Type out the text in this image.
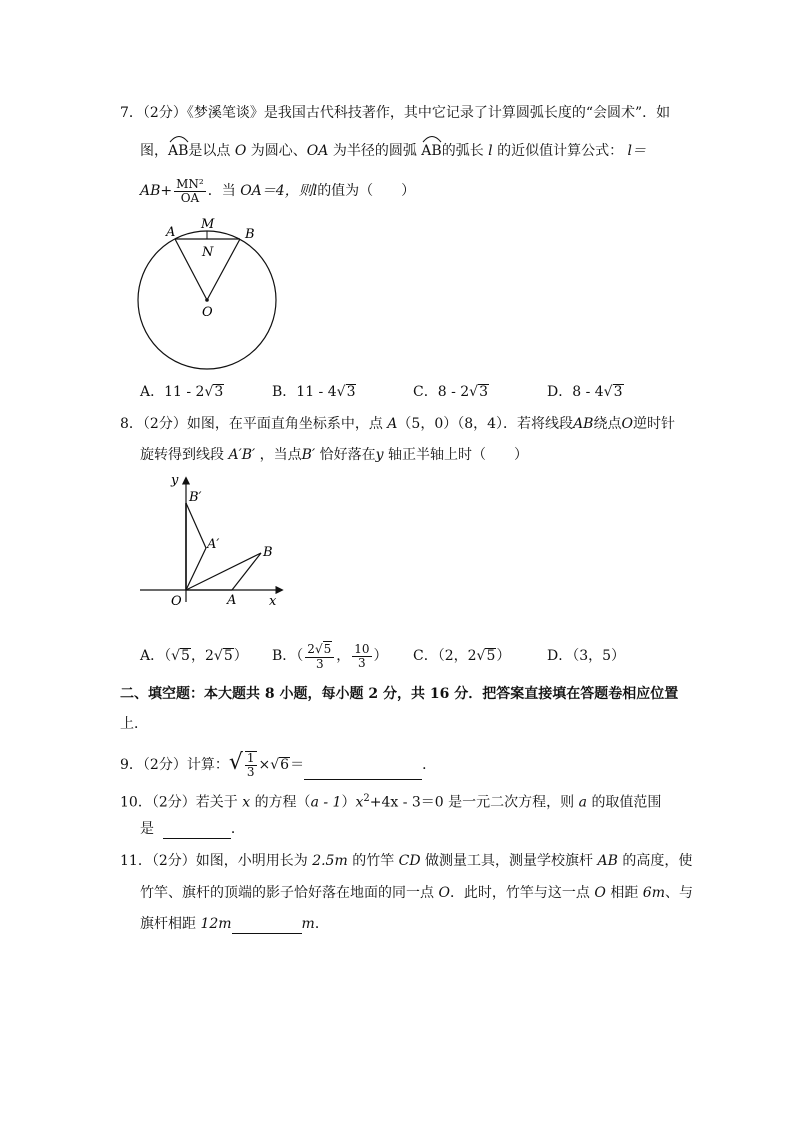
7．（2分）《梦溪笔谈》是我国古代科技著作，其中它记录了计算圆弧长度的“会圆术”．如
图，
AB是以点 O 为圆心、OA 为半径的圆弧 AB的弧长 l 的近似值计算公式： l＝
$AB+ \frac{\text{MN²}}{OA}$ ．当 OA＝4，则l的值为（　　）
A
M
B
N
O
A．11 - 2√3	B．11 - 4√3	C．8 - 2√3	D．8 - 4√3
8．（2分）如图，在平面直角坐标系中，点 A（5，0）（8，4）．若将线段AB绕点O逆时针
旋转得到线段 A′B′ ，当点B′ 恰好落在y 轴正半轴上时（　　）
y
B′
A′
B
O	A	x
A．（√5，2√5） B．（ $\frac{2√5}{3}$ ， $\frac{10}{3}$ ） C．（2，2√5）	D．（3，5）
二、填空题：本大题共 8 小题，每小题 2 分，共 16 分．把答案直接填在答题卷相应位置
上．
9．（2分）计算：√ $\frac{1}{3} \times√6=$	．
10．（2分）若关于 x 的方程$(a - 1)x^2+4x - 3=0$ 是一元二次方程，则 a 的取值范围
是	．
11．（2分）如图，小明用长为 2.5m 的竹竿 CD 做测量工具，测量学校旗杆 AB 的高度，使
竹竿、旗杆的顶端的影子恰好落在地面的同一点 O．此时，竹竿与这一点 O 相距 6m、与
旗杆相距 12m	m．
